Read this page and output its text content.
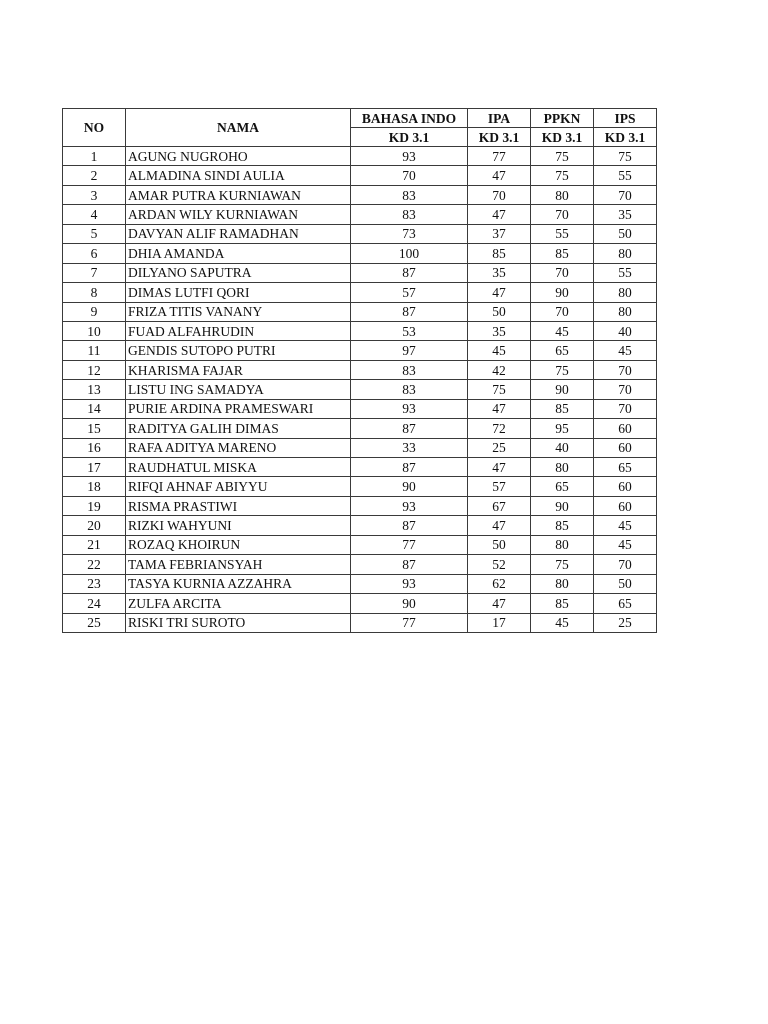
NO	NAMA	BAHASA INDO	IPA	PPKN	IPS
		KD 3.1	KD 3.1	KD 3.1	KD 3.1
1	AGUNG NUGROHO	93	77	75	75
2	ALMADINA SINDI AULIA	70	47	75	55
3	AMAR PUTRA KURNIAWAN	83	70	80	70
4	ARDAN WILY KURNIAWAN	83	47	70	35
5	DAVYAN ALIF RAMADHAN	73	37	55	50
6	DHIA AMANDA	100	85	85	80
7	DILYANO SAPUTRA	87	35	70	55
8	DIMAS LUTFI QORI	57	47	90	80
9	FRIZA TITIS VANANY	87	50	70	80
10	FUAD ALFAHRUDIN	53	35	45	40
11	GENDIS SUTOPO PUTRI	97	45	65	45
12	KHARISMA FAJAR	83	42	75	70
13	LISTU ING SAMADYA	83	75	90	70
14	PURIE ARDINA PRAMESWARI	93	47	85	70
15	RADITYA GALIH DIMAS	87	72	95	60
16	RAFA ADITYA MARENO	33	25	40	60
17	RAUDHATUL MISKA	87	47	80	65
18	RIFQI AHNAF ABIYYU	90	57	65	60
19	RISMA PRASTIWI	93	67	90	60
20	RIZKI WAHYUNI	87	47	85	45
21	ROZAQ KHOIRUN	77	50	80	45
22	TAMA FEBRIANSYAH	87	52	75	70
23	TASYA KURNIA AZZAHRA	93	62	80	50
24	ZULFA ARCITA	90	47	85	65
25	RISKI TRI SUROTO	77	17	45	25
